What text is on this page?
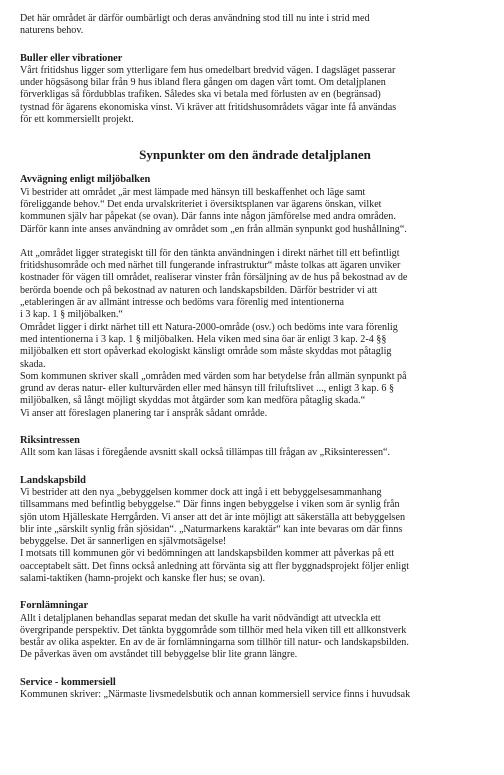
Det här området är därför oumbärligt och deras användning stod till nu inte i strid med
naturens behov.

Buller eller vibrationer

Vårt fritidshus ligger som ytterligare fem hus omedelbart bredvid vägen. I dagsläget passerar
under högsäsong bilar från 9 hus ibland flera gången om dagen vårt tomt. Om detaljplanen
förverkligas så fördubblas trafiken. Således ska vi betala med förlusten av en (begränsad)
tystnad för ägarens ekonomiska vinst. Vi kräver att fritidshusområdets vägar inte få användas
för ett kommersiellt projekt.

Synpunkter om den ändrade detaljplanen

Avvägning enligt miljöbalken

Vi bestrider att området „är mest lämpade med hänsyn till beskaffenhet och läge samt
föreliggande behov.“ Det enda urvalskriteriet i översiktsplanen var ägarens önskan, vilket
kommunen själv har påpekat (se ovan). Där fanns inte någon jämförelse med andra områden.
Därför kann inte anses användning av området som „en från allmän synpunkt god hushållning“.

Att „området ligger strategiskt till för den tänkta användningen i direkt närhet till ett befintligt
fritidshusområde och med närhet till fungerande infrastruktur“ måste tolkas att ägaren unviker
kostnader för vägen till området, realiserar vinster från försäljning av de hus på bekostnad av de
berörda boende och på bekostnad av naturen och landskapsbilden. Därför bestrider vi att
„etableringen är av allmänt intresse och bedöms vara förenlig med intentionerna
i 3 kap. 1 § miljöbalken.“
Området ligger i dirkt närhet till ett Natura-2000-område (osv.) och bedöms inte vara förenlig
med intentionerna i 3 kap. 1 § miljöbalken. Hela viken med sina öar är enligt 3 kap. 2-4 §§
miljöbalken ett stort opåverkad ekologiskt känsligt område som måste skyddas mot påtaglig
skada.
Som kommunen skriver skall „områden med värden som har betydelse från allmän synpunkt på
grund av deras natur- eller kulturvärden eller med hänsyn till friluftslivet ..., enligt 3 kap. 6 §
miljöbalken, så långt möjligt skyddas mot åtgärder som kan medföra påtaglig skada.“
Vi anser att föreslagen planering tar i anspråk sådant område.

Riksintressen

Allt som kan läsas i föregående avsnitt skall också tillämpas till frågan av „Riksinteressen“.

Landskapsbild

Vi bestrider att den nya „bebyggelsen kommer dock att ingå i ett bebyggelsesammanhang
tillsammans med befintlig bebyggelse.“ Där finns ingen bebyggelse i viken som är synlig från
sjön utom Hjälleskate Herrgården. Vi anser att det är inte möjligt att säkerställa att bebyggelsen
blir inte „särskilt synlig från sjösidan“. „Naturmarkens karaktär“ kan inte bevaras om där finns
bebyggelse. Det är sannerligen en självmotsägelse!
I motsats till kommunen gör vi bedömningen att landskapsbilden kommer att påverkas på ett
oacceptabelt sätt. Det finns också anledning att förvänta sig att fler byggnadsprojekt följer enligt
salami-taktiken (hamn-projekt och kanske fler hus; se ovan).

Fornlämningar

Allt i detaljplanen behandlas separat medan det skulle ha varit nödvändigt att utveckla ett
övergripande perspektiv. Det tänkta byggområde som tillhör med hela viken till ett allkonstverk
består av olika aspekter. En av de är fornlämningarna som tillhör till natur- och landskapsbilden.
De påverkas även om avståndet till bebyggelse blir lite grann längre.

Service - kommersiell

Kommunen skriver: „Närmaste livsmedelsbutik och annan kommersiell service finns i huvudsak
